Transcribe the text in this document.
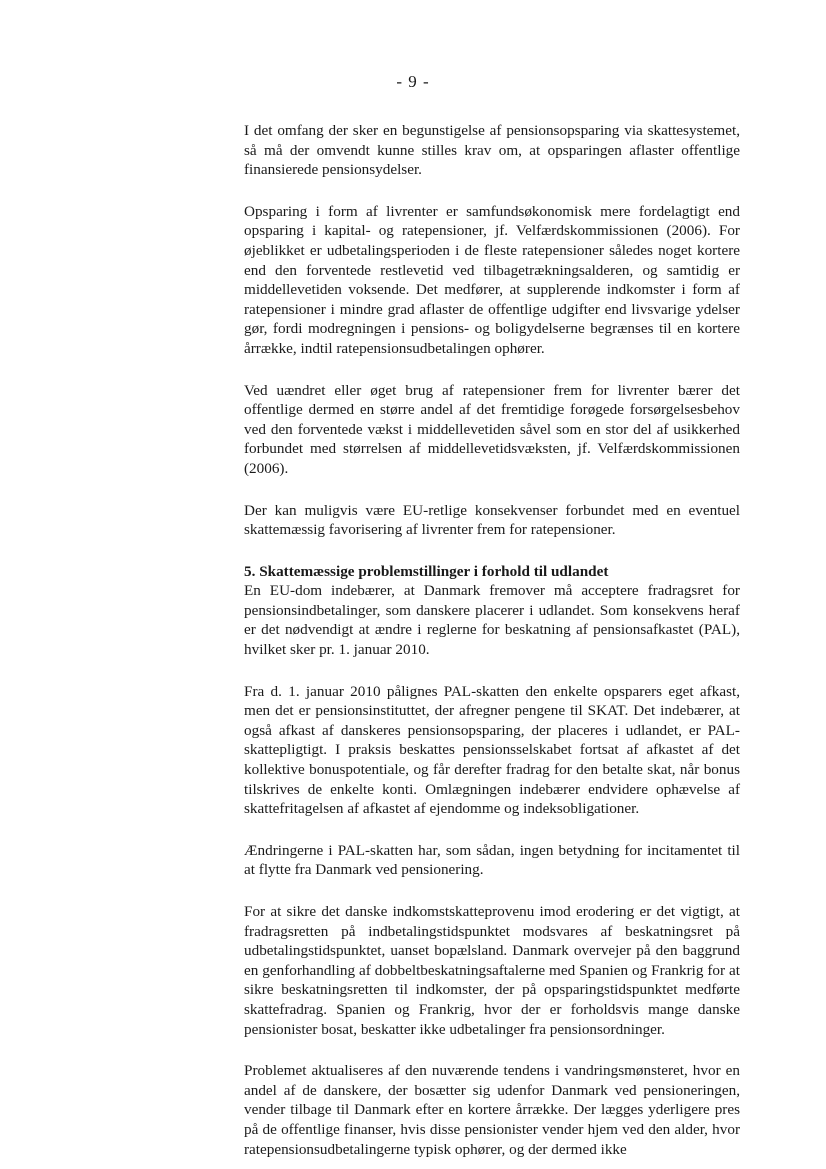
- 9 -

I det omfang der sker en begunstigelse af pensionsopsparing via skattesystemet, så må der omvendt kunne stilles krav om, at opsparingen aflaster offentlige finansierede pensionsydelser.

Opsparing i form af livrenter er samfundsøkonomisk mere fordelagtigt end opsparing i kapital- og ratepensioner, jf. Velfærdskommissionen (2006). For øjeblikket er udbetalingsperioden i de fleste ratepensioner således noget kortere end den forventede restlevetid ved tilbagetrækningsalderen, og samtidig er middellevetiden voksende. Det medfører, at supplerende indkomster i form af ratepensioner i mindre grad aflaster de offentlige udgifter end livsvarige ydelser gør, fordi modregningen i pensions- og boligydelserne begrænses til en kortere årrække, indtil ratepensionsudbetalingen ophører.

Ved uændret eller øget brug af ratepensioner frem for livrenter bærer det offentlige dermed en større andel af det fremtidige forøgede forsørgelsesbehov ved den forventede vækst i middellevetiden såvel som en stor del af usikkerhed forbundet med størrelsen af middellevetidsvæksten, jf. Velfærdskommissionen (2006).

Der kan muligvis være EU-retlige konsekvenser forbundet med en eventuel skattemæssig favorisering af livrenter frem for ratepensioner.

5. Skattemæssige problemstillinger i forhold til udlandet

En EU-dom indebærer, at Danmark fremover må acceptere fradragsret for pensionsindbetalinger, som danskere placerer i udlandet. Som konsekvens heraf er det nødvendigt at ændre i reglerne for beskatning af pensionsafkastet (PAL), hvilket sker pr. 1. januar 2010.

Fra d. 1. januar 2010 pålignes PAL-skatten den enkelte opsparers eget afkast, men det er pensionsinstituttet, der afregner pengene til SKAT. Det indebærer, at også afkast af danskeres pensionsopsparing, der placeres i udlandet, er PAL-skattepligtigt. I praksis beskattes pensionsselskabet fortsat af afkastet af det kollektive bonuspotentiale, og får derefter fradrag for den betalte skat, når bonus tilskrives de enkelte konti. Omlægningen indebærer endvidere ophævelse af skattefritagelsen af afkastet af ejendomme og indeksobligationer.

Ændringerne i PAL-skatten har, som sådan, ingen betydning for incitamentet til at flytte fra Danmark ved pensionering.

For at sikre det danske indkomstskatteprovenu imod erodering er det vigtigt, at fradragsretten på indbetalingstidspunktet modsvares af beskatningsret på udbetalingstidspunktet, uanset bopælsland. Danmark overvejer på den baggrund en genforhandling af dobbeltbeskatningsaftalerne med Spanien og Frankrig for at sikre beskatningsretten til indkomster, der på opsparingstidspunktet medførte skattefradrag. Spanien og Frankrig, hvor der er forholdsvis mange danske pensionister bosat, beskatter ikke udbetalinger fra pensionsordninger.

Problemet aktualiseres af den nuværende tendens i vandringsmønsteret, hvor en andel af de danskere, der bosætter sig udenfor Danmark ved pensioneringen, vender tilbage til Danmark efter en kortere årrække. Der lægges yderligere pres på de offentlige finanser, hvis disse pensionister vender hjem ved den alder, hvor ratepensionsudbetalingerne typisk ophører, og der dermed ikke
